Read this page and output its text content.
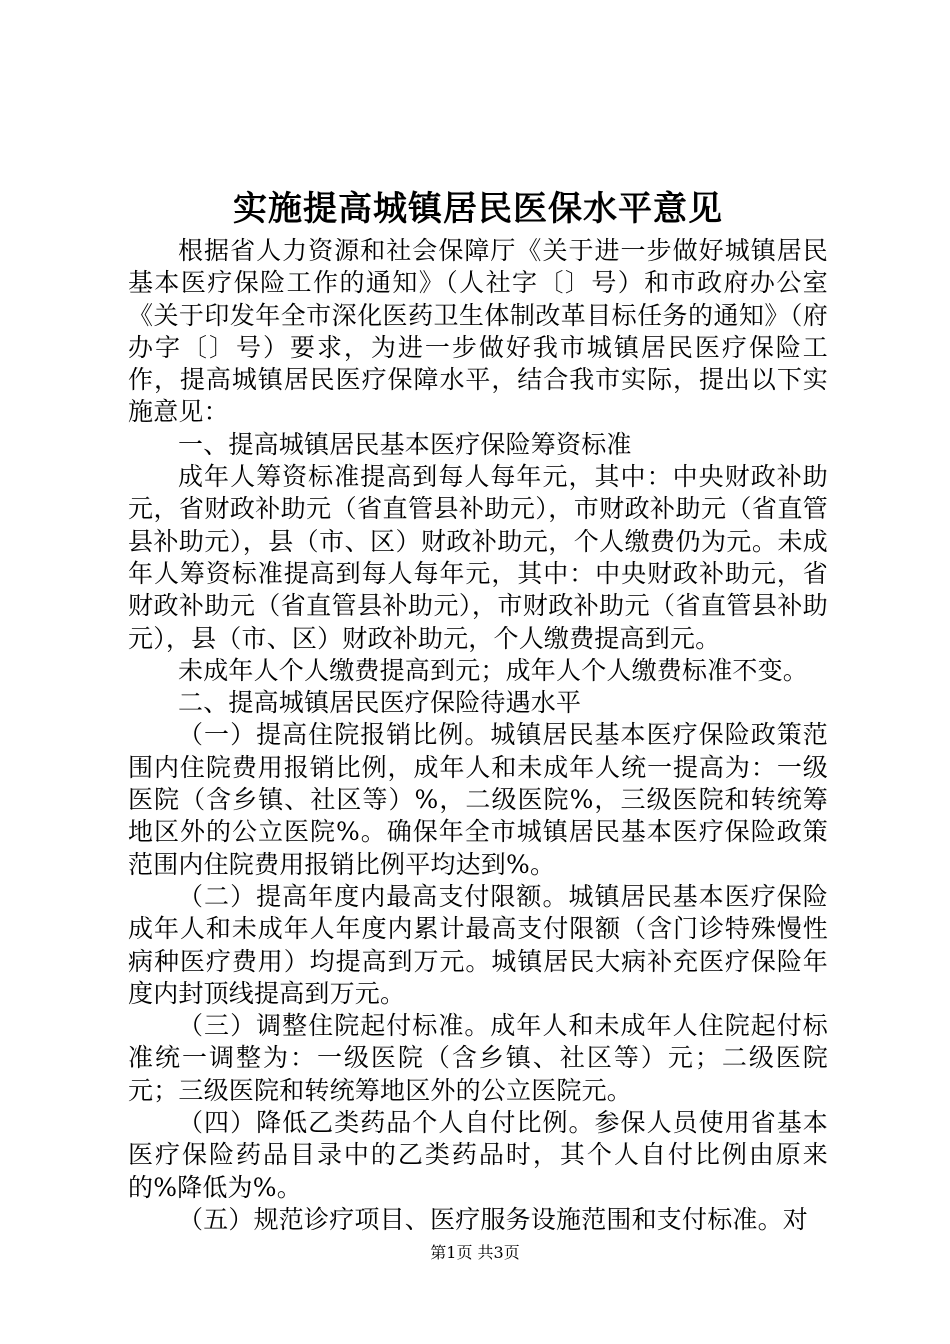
实施提高城镇居民医保水平意见

根据省人力资源和社会保障厅《关于进一步做好城镇居民基本医疗保险工作的通知》（人社字〔〕号）和市政府办公室《关于印发年全市深化医药卫生体制改革目标任务的通知》（府办字〔〕号）要求，为进一步做好我市城镇居民医疗保险工作，提高城镇居民医疗保障水平，结合我市实际，提出以下实施意见：

一、提高城镇居民基本医疗保险筹资标准

成年人筹资标准提高到每人每年元，其中：中央财政补助元，省财政补助元（省直管县补助元），市财政补助元（省直管县补助元），县（市、区）财政补助元，个人缴费仍为元。未成年人筹资标准提高到每人每年元，其中：中央财政补助元，省财政补助元（省直管县补助元），市财政补助元（省直管县补助元），县（市、区）财政补助元，个人缴费提高到元。

未成年人个人缴费提高到元；成年人个人缴费标准不变。

二、提高城镇居民医疗保险待遇水平

（一）提高住院报销比例。城镇居民基本医疗保险政策范围内住院费用报销比例，成年人和未成年人统一提高为：一级医院（含乡镇、社区等）%，二级医院%，三级医院和转统筹地区外的公立医院%。确保年全市城镇居民基本医疗保险政策范围内住院费用报销比例平均达到%。

（二）提高年度内最高支付限额。城镇居民基本医疗保险成年人和未成年人年度内累计最高支付限额（含门诊特殊慢性病种医疗费用）均提高到万元。城镇居民大病补充医疗保险年度内封顶线提高到万元。

（三）调整住院起付标准。成年人和未成年人住院起付标准统一调整为：一级医院（含乡镇、社区等）元；二级医院元；三级医院和转统筹地区外的公立医院元。

（四）降低乙类药品个人自付比例。参保人员使用省基本医疗保险药品目录中的乙类药品时，其个人自付比例由原来的%降低为%。

（五）规范诊疗项目、医疗服务设施范围和支付标准。对

第1页 共3页
